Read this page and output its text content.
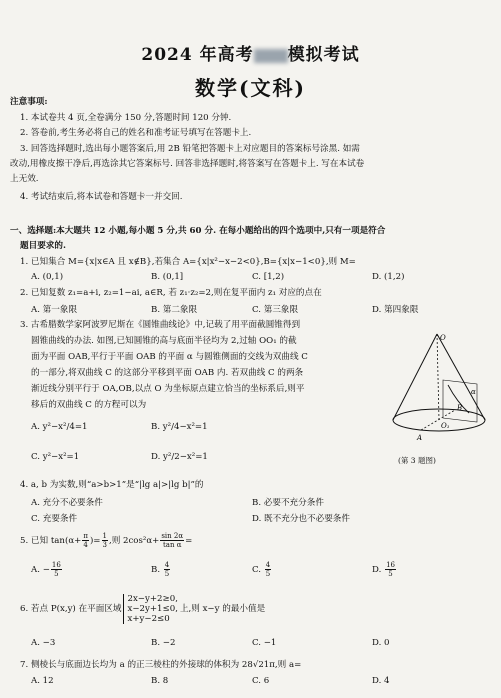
2024 年高考 模拟考试
数学(文科)
注意事项:
1. 本试卷共 4 页,全卷满分 150 分,答题时间 120 分钟.
2. 答卷前,考生务必将自己的姓名和准考证号填写在答题卡上.
3. 回答选择题时,选出每小题答案后,用 2B 铅笔把答题卡上对应题目的答案标号涂黑. 如需
改动,用橡皮擦干净后,再选涂其它答案标号. 回答非选择题时,将答案写在答题卡上. 写在本试卷
上无效.
4. 考试结束后,将本试卷和答题卡一并交回.
一、选择题:本大题共 12 小题,每小题 5 分,共 60 分. 在每小题给出的四个选项中,只有一项是符合
题目要求的.
1. 已知集合 M={x|x∈A 且 x∉B},若集合 A={x|x²−x−2<0},B={x|x−1<0},则 M=
A. (0,1)	B. (0,1]	C. [1,2)	D. (1,2)
2. 已知复数 z₁=a+i, z₂=1−ai, a∈R, 若 z₁·z₂=2,则在复平面内 z₁ 对应的点在
A. 第一象限	B. 第二象限	C. 第三象限	D. 第四象限
3. 古希腊数学家阿波罗尼斯在《圆锥曲线论》中,记载了用平面截圆锥得到
圆锥曲线的办法. 如图,已知圆锥的高与底面半径均为 2,过轴 OO₁ 的截
面为平面 OAB,平行于平面 OAB 的平面 α 与圆锥侧面的交线为双曲线 C
的一部分,将双曲线 C 的这部分平移到平面 OAB 内. 若双曲线 C 的两条
渐近线分别平行于 OA,OB,以点 O 为坐标原点建立恰当的坐标系后,则平
移后的双曲线 C 的方程可以为
A. y²−x²/4=1	B. y²/4−x²=1
C. y²−x²=1	D. y²/2−x²=1
O
O₁
A
B
α
(第 3 题图)
4. a, b 为实数,则“a>b>1”是“|lg a|>|lg b|”的
A. 充分不必要条件	B. 必要不充分条件
C. 充要条件	D. 既不充分也不必要条件
5. 已知 $\tan(\alpha+ \frac{\pi}{4}$ )= $\frac{1}{3}$ ,则 $2\cos^2\alpha+ \frac{\sin 2\alpha}{\text{tan α}}$ =
A. − $\frac{16}{5}$	B. $\frac{4}{5}$	C. $\frac{4}{5}$	D. $\frac{16}{5}$
6. 若点 P(x,y) 在平面区域
2x−y+2≥0,
x−2y+1≤0,
x+y−2≤0
上,则 x−y 的最小值是
A. −3	B. −2	C. −1	D. 0
7. 侧棱长与底面边长均为 a 的正三棱柱的外接球的体积为 28√21π,则 a=
A. 12	B. 8	C. 6	D. 4
